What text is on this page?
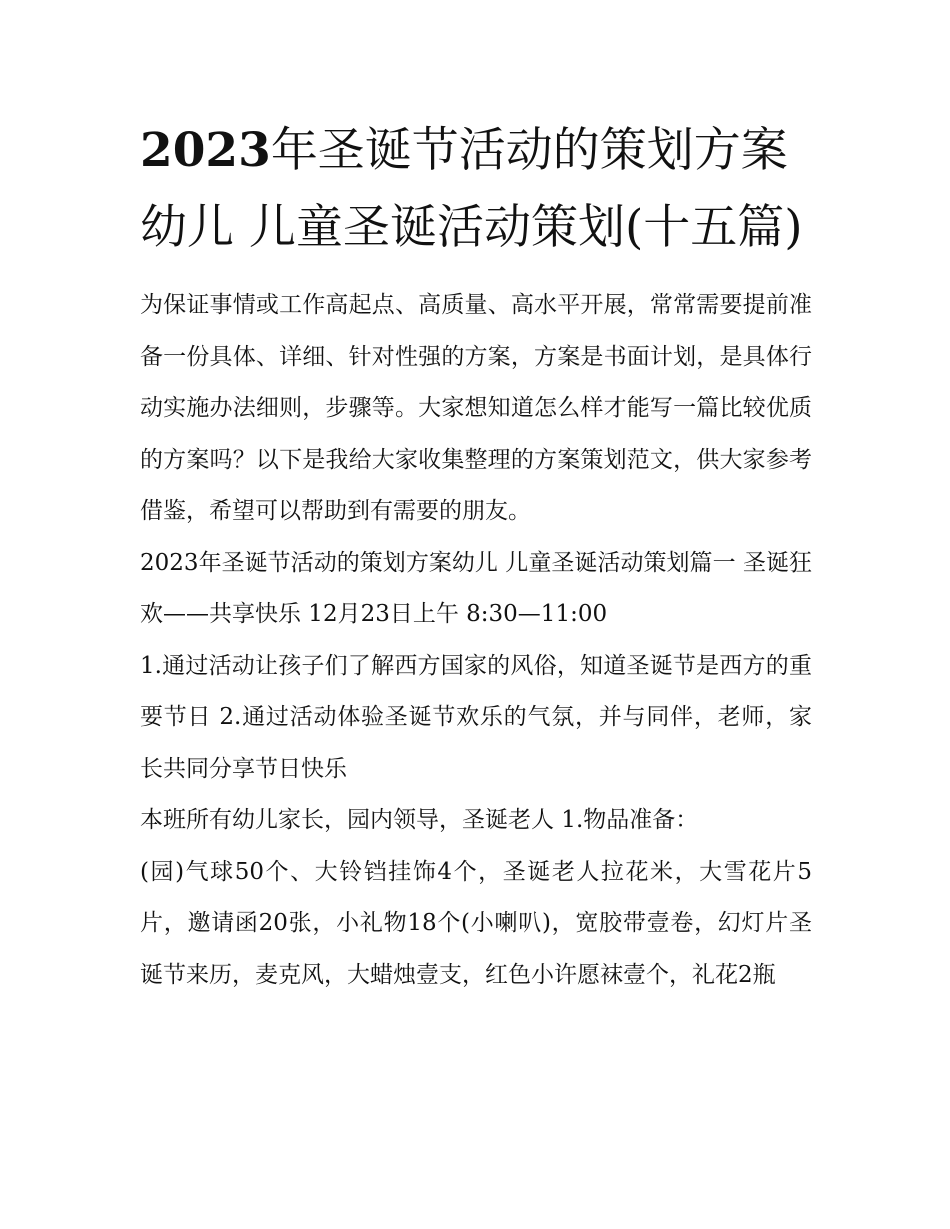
2023年圣诞节活动的策划方案幼儿 儿童圣诞活动策划(十五篇)

为保证事情或工作高起点、高质量、高水平开展，常常需要提前准备一份具体、详细、针对性强的方案，方案是书面计划，是具体行动实施办法细则，步骤等。大家想知道怎么样才能写一篇比较优质的方案吗？以下是我给大家收集整理的方案策划范文，供大家参考借鉴，希望可以帮助到有需要的朋友。

2023年圣诞节活动的策划方案幼儿 儿童圣诞活动策划篇一 圣诞狂欢——共享快乐 12月23日上午 8:30—11:00

1.通过活动让孩子们了解西方国家的风俗，知道圣诞节是西方的重要节日 2.通过活动体验圣诞节欢乐的气氛，并与同伴，老师，家长共同分享节日快乐

本班所有幼儿家长，园内领导，圣诞老人 1.物品准备：

(园)气球50个、大铃铛挂饰4个，圣诞老人拉花米，大雪花片5片，邀请函20张，小礼物18个(小喇叭)，宽胶带壹卷，幻灯片圣诞节来历，麦克风，大蜡烛壹支，红色小许愿袜壹个，礼花2瓶
